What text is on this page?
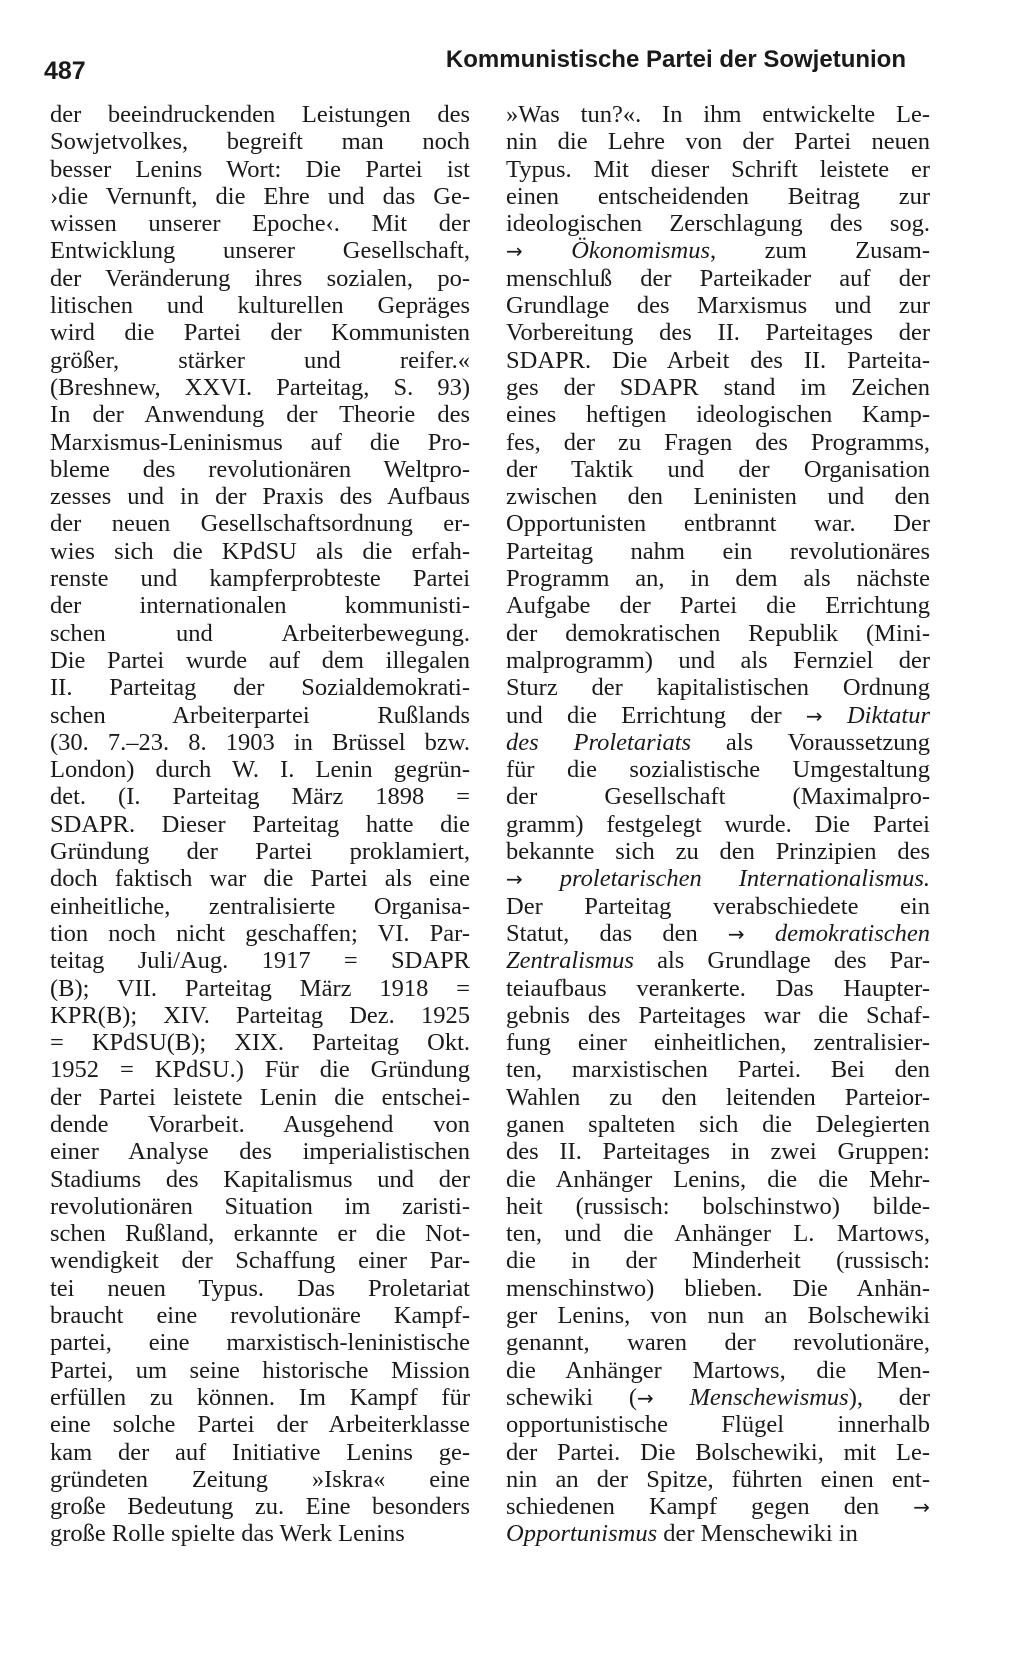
487	Kommunistische Partei der Sowjetunion
der beeindruckenden Leistungen des
Sowjetvolkes, begreift man noch
besser Lenins Wort: Die Partei ist
›die Vernunft, die Ehre und das Ge-
wissen unserer Epoche‹. Mit der
Entwicklung unserer Gesellschaft,
der Veränderung ihres sozialen, po-
litischen und kulturellen Gepräges
wird die Partei der Kommunisten
größer, stärker und reifer.«
(Breshnew, XXVI. Parteitag, S. 93)
In der Anwendung der Theorie des
Marxismus-Leninismus auf die Pro-
bleme des revolutionären Weltpro-
zesses und in der Praxis des Aufbaus
der neuen Gesellschaftsordnung er-
wies sich die KPdSU als die erfah-
renste und kampferprobteste Partei
der internationalen kommunisti-
schen und Arbeiterbewegung.
Die Partei wurde auf dem illegalen
II. Parteitag der Sozialdemokrati-
schen Arbeiterpartei Rußlands
(30. 7.–23. 8. 1903 in Brüssel bzw.
London) durch W. I. Lenin gegrün-
det. (I. Parteitag März 1898 =
SDAPR. Dieser Parteitag hatte die
Gründung der Partei proklamiert,
doch faktisch war die Partei als eine
einheitliche, zentralisierte Organisa-
tion noch nicht geschaffen; VI. Par-
teitag Juli/Aug. 1917 = SDAPR
(B); VII. Parteitag März 1918 =
KPR(B); XIV. Parteitag Dez. 1925
= KPdSU(B); XIX. Parteitag Okt.
1952 = KPdSU.) Für die Gründung
der Partei leistete Lenin die entschei-
dende Vorarbeit. Ausgehend von
einer Analyse des imperialistischen
Stadiums des Kapitalismus und der
revolutionären Situation im zaristi-
schen Rußland, erkannte er die Not-
wendigkeit der Schaffung einer Par-
tei neuen Typus. Das Proletariat
braucht eine revolutionäre Kampf-
partei, eine marxistisch-leninistische
Partei, um seine historische Mission
erfüllen zu können. Im Kampf für
eine solche Partei der Arbeiterklasse
kam der auf Initiative Lenins ge-
gründeten Zeitung »Iskra« eine
große Bedeutung zu. Eine besonders
große Rolle spielte das Werk Lenins
»Was tun?«. In ihm entwickelte Le-
nin die Lehre von der Partei neuen
Typus. Mit dieser Schrift leistete er
einen entscheidenden Beitrag zur
ideologischen Zerschlagung des sog.
→ Ökonomismus, zum Zusam-
menschluß der Parteikader auf der
Grundlage des Marxismus und zur
Vorbereitung des II. Parteitages der
SDAPR. Die Arbeit des II. Parteita-
ges der SDAPR stand im Zeichen
eines heftigen ideologischen Kamp-
fes, der zu Fragen des Programms,
der Taktik und der Organisation
zwischen den Leninisten und den
Opportunisten entbrannt war. Der
Parteitag nahm ein revolutionäres
Programm an, in dem als nächste
Aufgabe der Partei die Errichtung
der demokratischen Republik (Mini-
malprogramm) und als Fernziel der
Sturz der kapitalistischen Ordnung
und die Errichtung der → Diktatur
des Proletariats als Voraussetzung
für die sozialistische Umgestaltung
der Gesellschaft (Maximalpro-
gramm) festgelegt wurde. Die Partei
bekannte sich zu den Prinzipien des
→ proletarischen Internationalismus.
Der Parteitag verabschiedete ein
Statut, das den → demokratischen
Zentralismus als Grundlage des Par-
teiaufbaus verankerte. Das Haupter-
gebnis des Parteitages war die Schaf-
fung einer einheitlichen, zentralisier-
ten, marxistischen Partei. Bei den
Wahlen zu den leitenden Parteior-
ganen spalteten sich die Delegierten
des II. Parteitages in zwei Gruppen:
die Anhänger Lenins, die die Mehr-
heit (russisch: bolschinstwo) bilde-
ten, und die Anhänger L. Martows,
die in der Minderheit (russisch:
menschinstwo) blieben. Die Anhän-
ger Lenins, von nun an Bolschewiki
genannt, waren der revolutionäre,
die Anhänger Martows, die Men-
schewiki (→ Menschewismus), der
opportunistische Flügel innerhalb
der Partei. Die Bolschewiki, mit Le-
nin an der Spitze, führten einen ent-
schiedenen Kampf gegen den →
Opportunismus der Menschewiki in
